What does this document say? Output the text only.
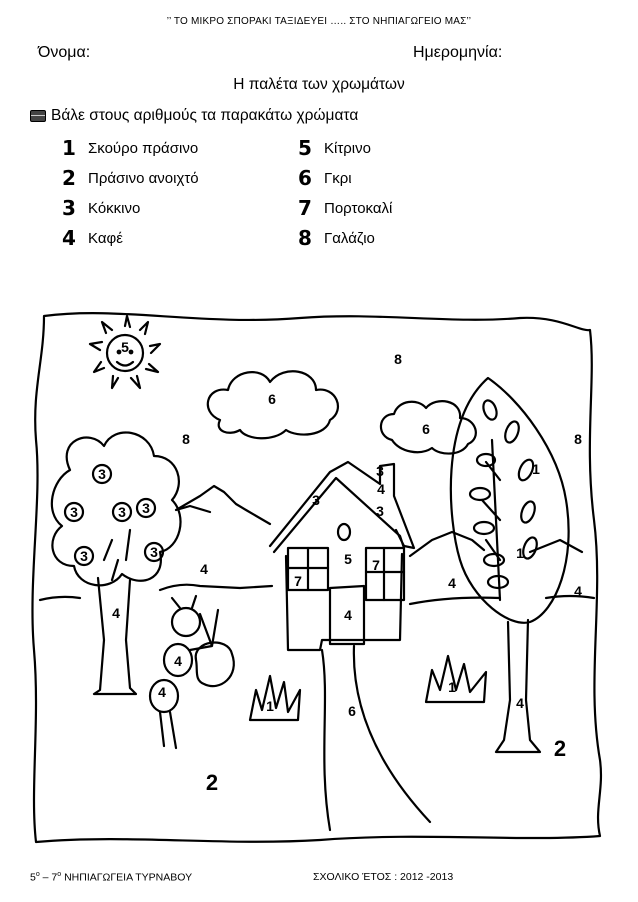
’’ ΤΟ ΜΙΚΡΟ ΣΠΟΡΑΚΙ ΤΑΞΙΔΕΥΕΙ ….. ΣΤΟ ΝΗΠΙΑΓΩΓΕΙΟ ΜΑΣ’’
Όνομα:	Ημερομηνία:
Η παλέτα των χρωμάτων
Βάλε στους αριθμούς τα παρακάτω χρώματα
1 Σκούρο πράσινο
2 Πράσινο ανοιχτό
3 Κόκκινο
4 Καφέ
5 Κίτρινο
6 Γκρι
7 Πορτοκαλί
8 Γαλάζιο
5
8
8	8
6
6
3
4
3
3
5
7
7
4
3
3	3 3
3	3
4
4
4	4
4
4
1
1
6
1
1
4
2
2
$5^o - 7^o$ ΝΗΠΙΑΓΩΓΕΙΑ ΤΥΡΝΑΒΟΥ	ΣΧΟΛΙΚΟ ΈΤΟΣ : 2012 -2013
